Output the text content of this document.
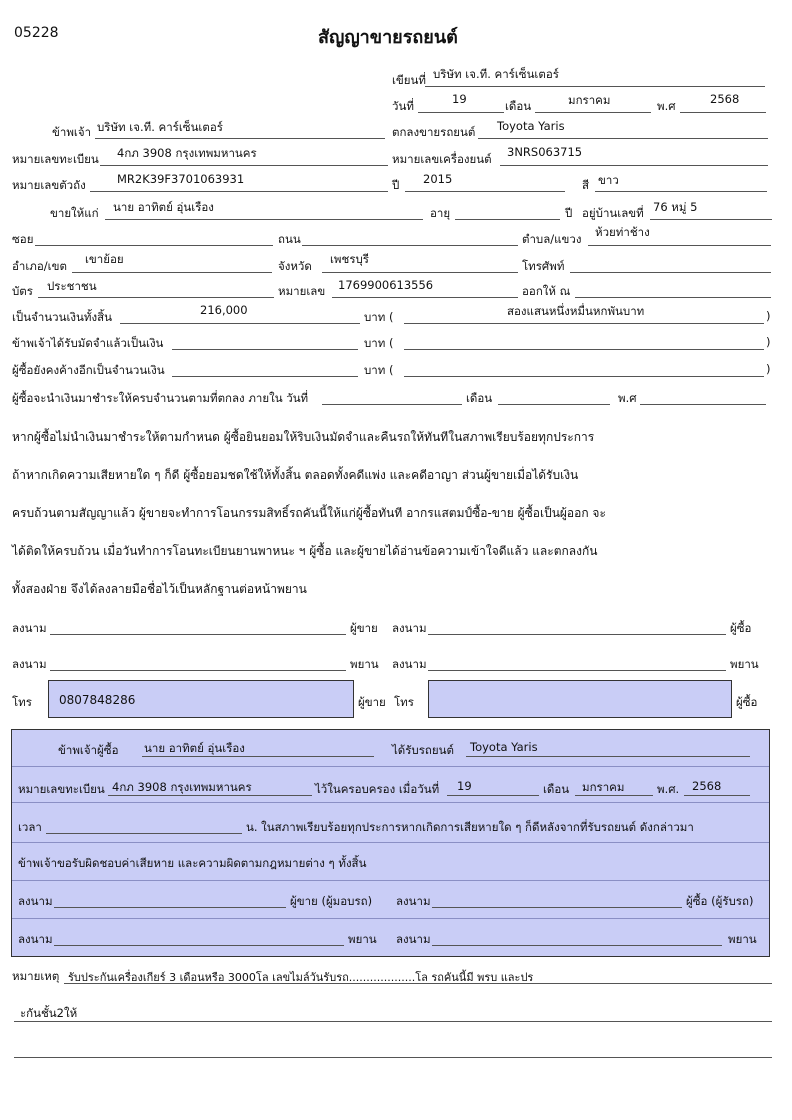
05228	สัญญาขายรถยนต์
เขียนที่ บริษัท เจ.ที. คาร์เซ็นเตอร์
วันที่	19	เดือน	มกราคม	พ.ศ	2568
ข้าพเจ้า บริษัท เจ.ที. คาร์เซ็นเตอร์	ตกลงขายรถยนต์ Toyota Yaris
หมายเลขทะเบียน 4กภ 3908 กรุงเทพมหานคร	หมายเลขเครื่องยนต์ 3NRS063715
หมายเลขตัวถัง	MR2K39F3701063931	ปี 2015	สี ขาว
ขายให้แก่ นาย อาทิตย์ อุ่นเรือง	อายุ	ปี อยู่บ้านเลขที่ 76 หมู่ 5
ซอย	ถนน	ตำบล/แขวง ห้วยท่าช้าง
อำเภอ/เขต เขาย้อย	จังหวัด เพชรบุรี	โทรศัพท์
บัตร ประชาชน	หมายเลข 1769900613556	ออกให้ ณ
เป็นจำนวนเงินทั้งสิ้น	216,000	บาท (	สองแสนหนึ่งหมื่นหกพันบาท	)
ข้าพเจ้าได้รับมัดจำแล้วเป็นเงิน	บาท (	)
ผู้ซื้อยังคงค้างอีกเป็นจำนวนเงิน	บาท (	)
ผู้ซื้อจะนำเงินมาชำระให้ครบจำนวนตามที่ตกลง ภายใน วันที่	เดือน	พ.ศ
หากผู้ซื้อไม่นำเงินมาชำระให้ตามกำหนด ผู้ซื้อยินยอมให้ริบเงินมัดจำและคืนรถให้ทันทีในสภาพเรียบร้อยทุกประการ
ถ้าหากเกิดความเสียหายใด ๆ ก็ดี ผู้ซื้อยอมชดใช้ให้ทั้งสิ้น ตลอดทั้งคดีแพ่ง และคดีอาญา ส่วนผู้ขายเมื่อได้รับเงิน
ครบถ้วนตามสัญญาแล้ว ผู้ขายจะทำการโอนกรรมสิทธิ์รถคันนี้ให้แก่ผู้ซื้อทันที อากรแสตมป์ซื้อ-ขาย ผู้ซื้อเป็นผู้ออก จะ
ได้ติดให้ครบถ้วน เมื่อวันทำการโอนทะเบียนยานพาหนะ ฯ ผู้ซื้อ และผู้ขายได้อ่านข้อความเข้าใจดีแล้ว และตกลงกัน
ทั้งสองฝ่าย จึงได้ลงลายมือชื่อไว้เป็นหลักฐานต่อหน้าพยาน
ลงนาม	ผู้ขาย ลงนาม	ผู้ซื้อ
ลงนาม	พยาน ลงนาม	พยาน
โทร 0807848286	ผู้ขาย โทร	ผู้ซื้อ
ข้าพเจ้าผู้ซื้อ นาย อาทิตย์ อุ่นเรือง	ได้รับรถยนต์ Toyota Yaris
หมายเลขทะเบียน 4กภ 3908 กรุงเทพมหานคร	ไว้ในครอบครอง เมื่อวันที่ 19	เดือน มกราคม	พ.ศ. 2568
เวลา	น. ในสภาพเรียบร้อยทุกประการหากเกิดการเสียหายใด ๆ ก็ดีหลังจากที่รับรถยนต์ ดังกล่าวมา
ข้าพเจ้าขอรับผิดชอบค่าเสียหาย และความผิดตามกฎหมายต่าง ๆ ทั้งสิ้น
ลงนาม	ผู้ขาย (ผู้มอบรถ) ลงนาม	ผู้ซื้อ (ผู้รับรถ)
ลงนาม	พยาน ลงนาม	พยาน
หมายเหตุ รับประกันเครื่องเกียร์ 3 เดือนหรือ 3000โล เลขไมล์วันรับรถ...................โล รถคันนี้มี พรบ และปร
ะกันชั้น2ให้
